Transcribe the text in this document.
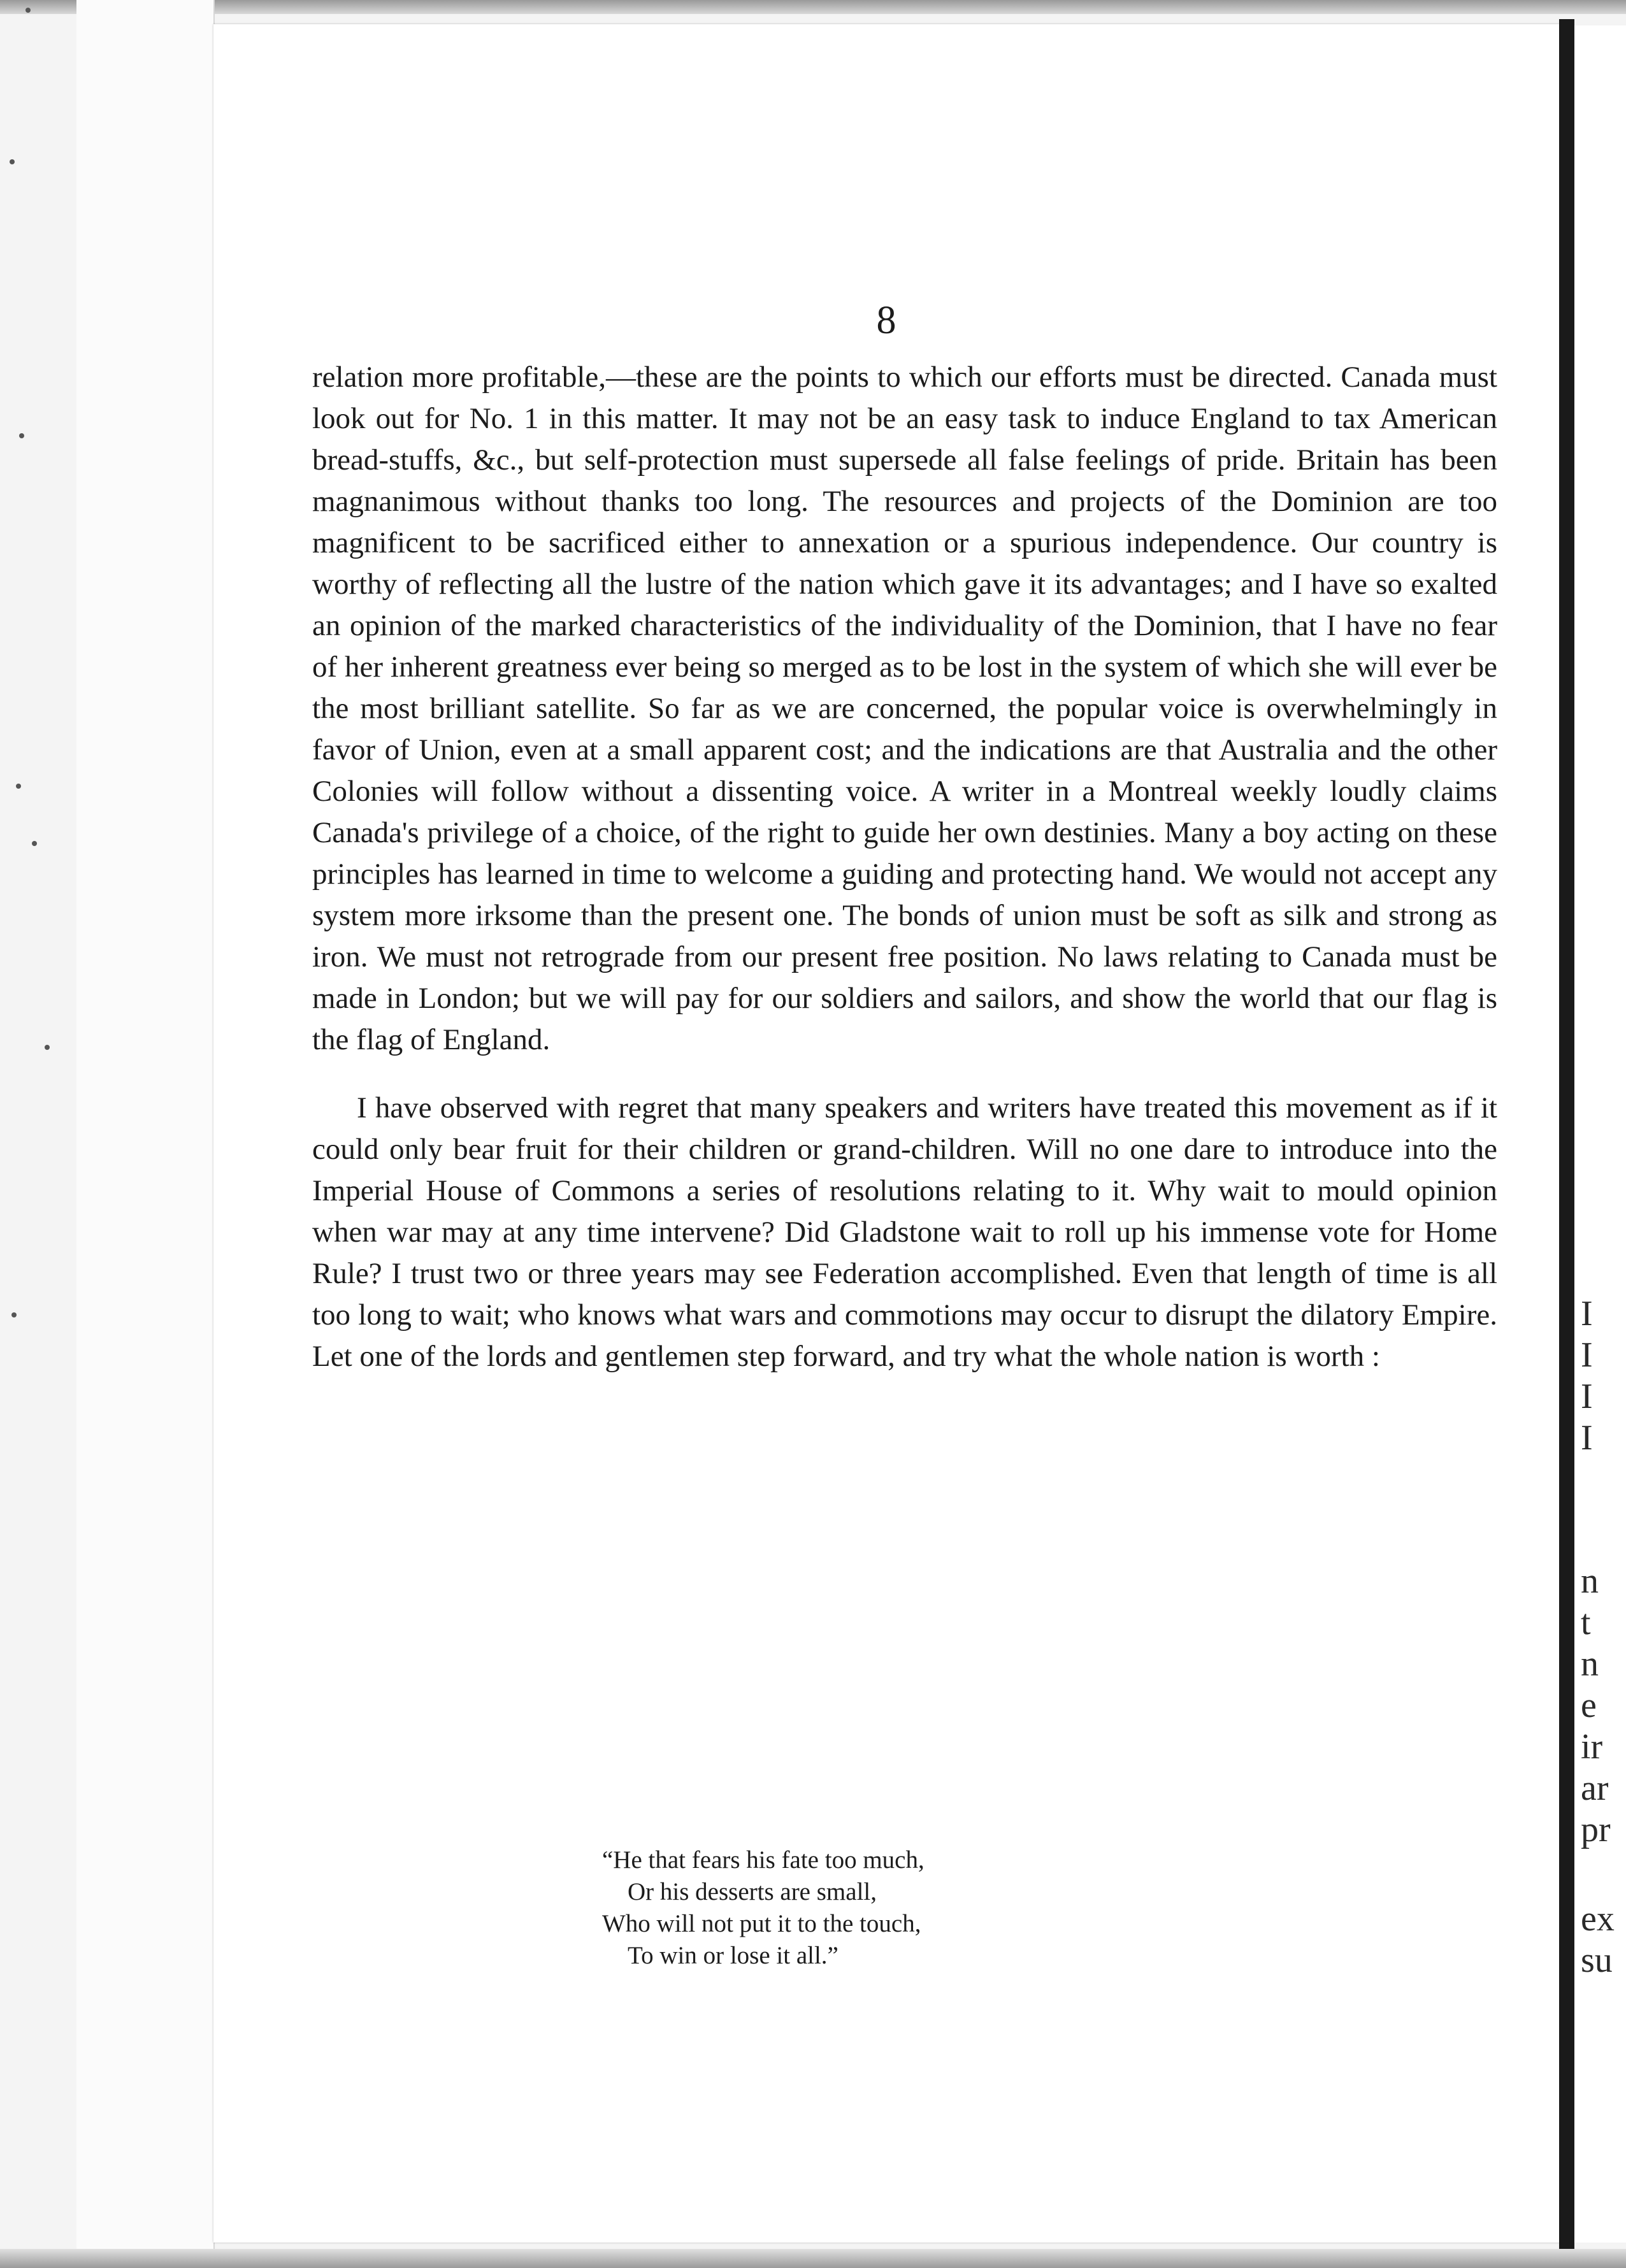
8

relation more profitable,—these are the points to which our efforts must be directed. Canada must look out for No. 1 in this matter. It may not be an easy task to induce England to tax American bread-stuffs, &c., but self-protection must supersede all false feelings of pride. Britain has been magnanimous without thanks too long. The resources and projects of the Dominion are too magnificent to be sacrificed either to annexation or a spurious independence. Our country is worthy of reflecting all the lustre of the nation which gave it its advantages; and I have so exalted an opinion of the marked characteristics of the individuality of the Dominion, that I have no fear of her inherent greatness ever being so merged as to be lost in the system of which she will ever be the most brilliant satellite. So far as we are concerned, the popular voice is overwhelmingly in favor of Union, even at a small apparent cost; and the indications are that Australia and the other Colonies will follow without a dissenting voice. A writer in a Montreal weekly loudly claims Canada's privilege of a choice, of the right to guide her own destinies. Many a boy acting on these principles has learned in time to welcome a guiding and protecting hand. We would not accept any system more irksome than the present one. The bonds of union must be soft as silk and strong as iron. We must not retrograde from our present free position. No laws relating to Canada must be made in London; but we will pay for our soldiers and sailors, and show the world that our flag is the flag of England.

I have observed with regret that many speakers and writers have treated this movement as if it could only bear fruit for their children or grand-children. Will no one dare to introduce into the Imperial House of Commons a series of resolutions relating to it. Why wait to mould opinion when war may at any time intervene? Did Gladstone wait to roll up his immense vote for Home Rule? I trust two or three years may see Federation accomplished. Even that length of time is all too long to wait; who knows what wars and commotions may occur to disrupt the dilatory Empire. Let one of the lords and gentlemen step forward, and try what the whole nation is worth :

“He that fears his fate too much,
Or his desserts are small,
Who will not put it to the touch,
To win or lose it all.”
I
I
I
I
n
t
n
e
ir
ar
pr
ex
su
